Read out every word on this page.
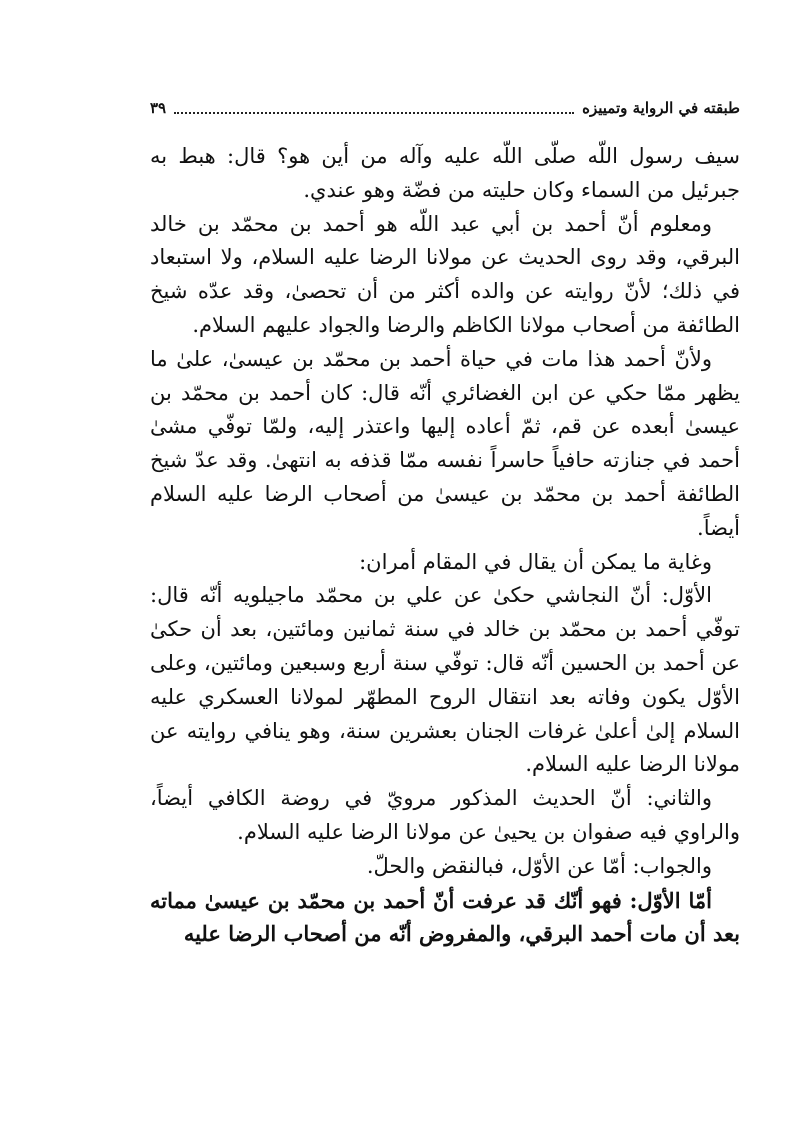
طبقته في الرواية وتمييزه
٣٩

سيف رسول اللّه صلّى اللّه عليه وآله من أين هو؟ قال: هبط به جبرئيل من السماء وكان حليته من فضّة وهو عندي.

ومعلوم أنّ أحمد بن أبي عبد اللّه هو أحمد بن محمّد بن خالد البرقي، وقد روى الحديث عن مولانا الرضا عليه السلام، ولا استبعاد في ذلك؛ لأنّ روايته عن والده أكثر من أن تحصىٰ، وقد عدّه شيخ الطائفة من أصحاب مولانا الكاظم والرضا والجواد عليهم السلام.

ولأنّ أحمد هذا مات في حياة أحمد بن محمّد بن عيسىٰ، علىٰ ما يظهر ممّا حكي عن ابن الغضائري أنّه قال: كان أحمد بن محمّد بن عيسىٰ أبعده عن قم، ثمّ أعاده إليها واعتذر إليه، ولمّا توفّي مشىٰ أحمد في جنازته حافياً حاسراً نفسه ممّا قذفه به انتهىٰ. وقد عدّ شيخ الطائفة أحمد بن محمّد بن عيسىٰ من أصحاب الرضا عليه السلام أيضاً.

وغاية ما يمكن أن يقال في المقام أمران:

الأوّل: أنّ النجاشي حكىٰ عن علي بن محمّد ماجيلويه أنّه قال: توفّي أحمد بن محمّد بن خالد في سنة ثمانين ومائتين، بعد أن حكىٰ عن أحمد بن الحسين أنّه قال: توفّي سنة أربع وسبعين ومائتين، وعلى الأوّل يكون وفاته بعد انتقال الروح المطهّر لمولانا العسكري عليه السلام إلىٰ أعلىٰ غرفات الجنان بعشرين سنة، وهو ينافي روايته عن مولانا الرضا عليه السلام.

والثاني: أنّ الحديث المذكور مرويّ في روضة الكافي أيضاً، والراوي فيه صفوان بن يحيىٰ عن مولانا الرضا عليه السلام.

والجواب: أمّا عن الأوّل، فبالنقض والحلّ.

أمّا الأوّل: فهو أنّك قد عرفت أنّ أحمد بن محمّد بن عيسىٰ مماته بعد أن مات أحمد البرقي، والمفروض أنّه من أصحاب الرضا عليه
